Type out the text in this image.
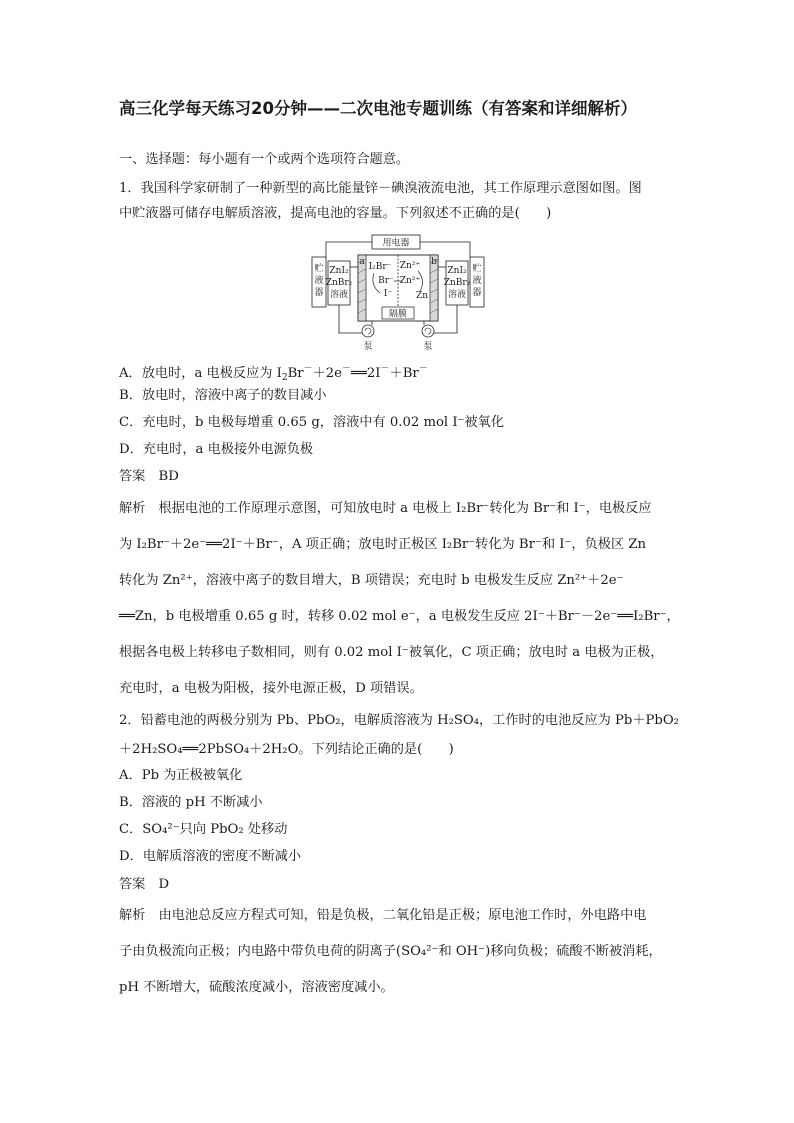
高三化学每天练习20分钟——二次电池专题训练（有答案和详细解析）
一、选择题：每小题有一个或两个选项符合题意。
1．我国科学家研制了一种新型的高比能量锌－碘溴液流电池，其工作原理示意图如图。图
中贮液器可储存电解质溶液，提高电池的容量。下列叙述不正确的是(　　)
用电器
贮
液
器
贮
液
器
ZnI₂
ZnBr₂
溶液
ZnI₂
ZnBr₂
溶液
a	b
隔膜
I₂Br⁻
Br⁻
I⁻
Zn²⁺
Zn²⁺
Zn
泵	泵
A．放电时，a 电极反应为 $I_2Br^-+2e^-══2I^-+Br^-$
B．放电时，溶液中离子的数目减小
C．充电时，b 电极每增重 0.65 g，溶液中有 0.02 mol I⁻被氧化
D．充电时，a 电极接外电源负极
答案　BD
解析　根据电池的工作原理示意图，可知放电时 a 电极上 I₂Br⁻转化为 Br⁻和 I⁻，电极反应
为 I₂Br⁻＋2e⁻══2I⁻＋Br⁻，A 项正确；放电时正极区 I₂Br⁻转化为 Br⁻和 I⁻，负极区 Zn
转化为 Zn²⁺，溶液中离子的数目增大，B 项错误；充电时 b 电极发生反应 Zn²⁺＋2e⁻
══Zn，b 电极增重 0.65 g 时，转移 0.02 mol e⁻，a 电极发生反应 2I⁻＋Br⁻－2e⁻══I₂Br⁻，
根据各电极上转移电子数相同，则有 0.02 mol I⁻被氧化，C 项正确；放电时 a 电极为正极，
充电时，a 电极为阳极，接外电源正极，D 项错误。
2．铅蓄电池的两极分别为 Pb、PbO₂，电解质溶液为 H₂SO₄，工作时的电池反应为 Pb＋PbO₂
＋2H₂SO₄══2PbSO₄＋2H₂O。下列结论正确的是(　　)
A．Pb 为正极被氧化
B．溶液的 pH 不断减小
C．SO₄²⁻只向 PbO₂ 处移动
D．电解质溶液的密度不断减小
答案　D
解析　由电池总反应方程式可知，铅是负极，二氧化铅是正极；原电池工作时，外电路中电
子由负极流向正极；内电路中带负电荷的阴离子(SO₄²⁻和 OH⁻)移向负极；硫酸不断被消耗，
pH 不断增大，硫酸浓度减小，溶液密度减小。
